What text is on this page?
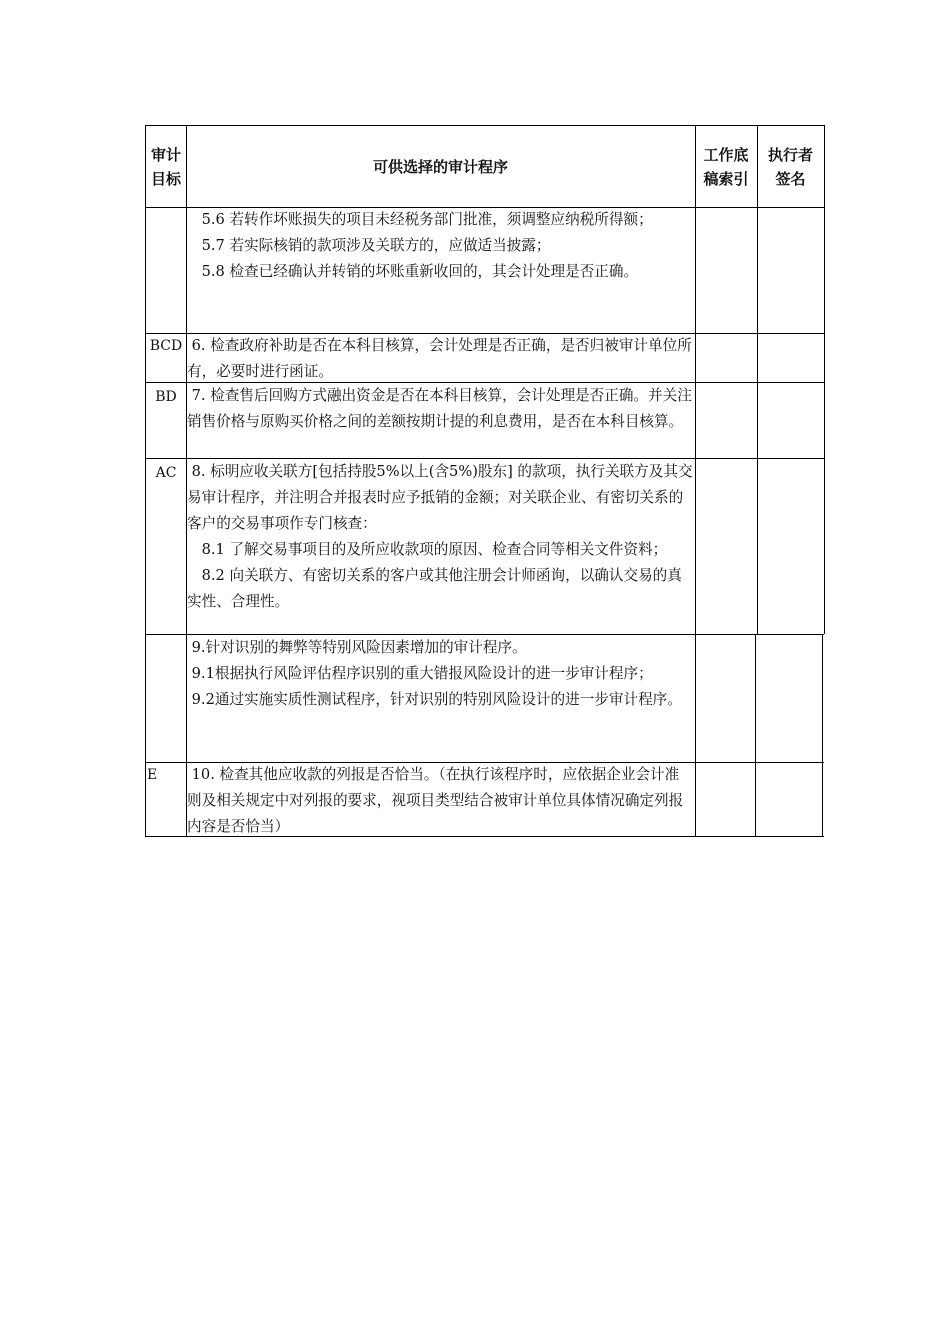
审计目标
可供选择的审计程序
工作底稿索引
执行者签名

　5.6 若转作坏账损失的项目未经税务部门批准，须调整应纳税所得额；

　5.7 若实际核销的款项涉及关联方的，应做适当披露；

　5.8 检查已经确认并转销的坏账重新收回的，其会计处理是否正确。

BCD 6. 检查政府补助是否在本科目核算，会计处理是否正确，是否归被审计单位所有，必要时进行函证。

BD 7. 检查售后回购方式融出资金是否在本科目核算，会计处理是否正确。并关注销售价格与原购买价格之间的差额按期计提的利息费用，是否在本科目核算。

AC 8. 标明应收关联方[包括持股5%以上(含5%)股东] 的款项，执行关联方及其交易审计程序，并注明合并报表时应予抵销的金额；对关联企业、有密切关系的客户的交易事项作专门核查：

　8.1 了解交易事项目的及所应收款项的原因、检查合同等相关文件资料；

　8.2 向关联方、有密切关系的客户或其他注册会计师函询，以确认交易的真实性、合理性。

9.针对识别的舞弊等特别风险因素增加的审计程序。

9.1根据执行风险评估程序识别的重大错报风险设计的进一步审计程序；

9.2通过实施实质性测试程序，针对识别的特别风险设计的进一步审计程序。

E	10. 检查其他应收款的列报是否恰当。（在执行该程序时，应依据企业会计准则及相关规定中对列报的要求，视项目类型结合被审计单位具体情况确定列报内容是否恰当）
